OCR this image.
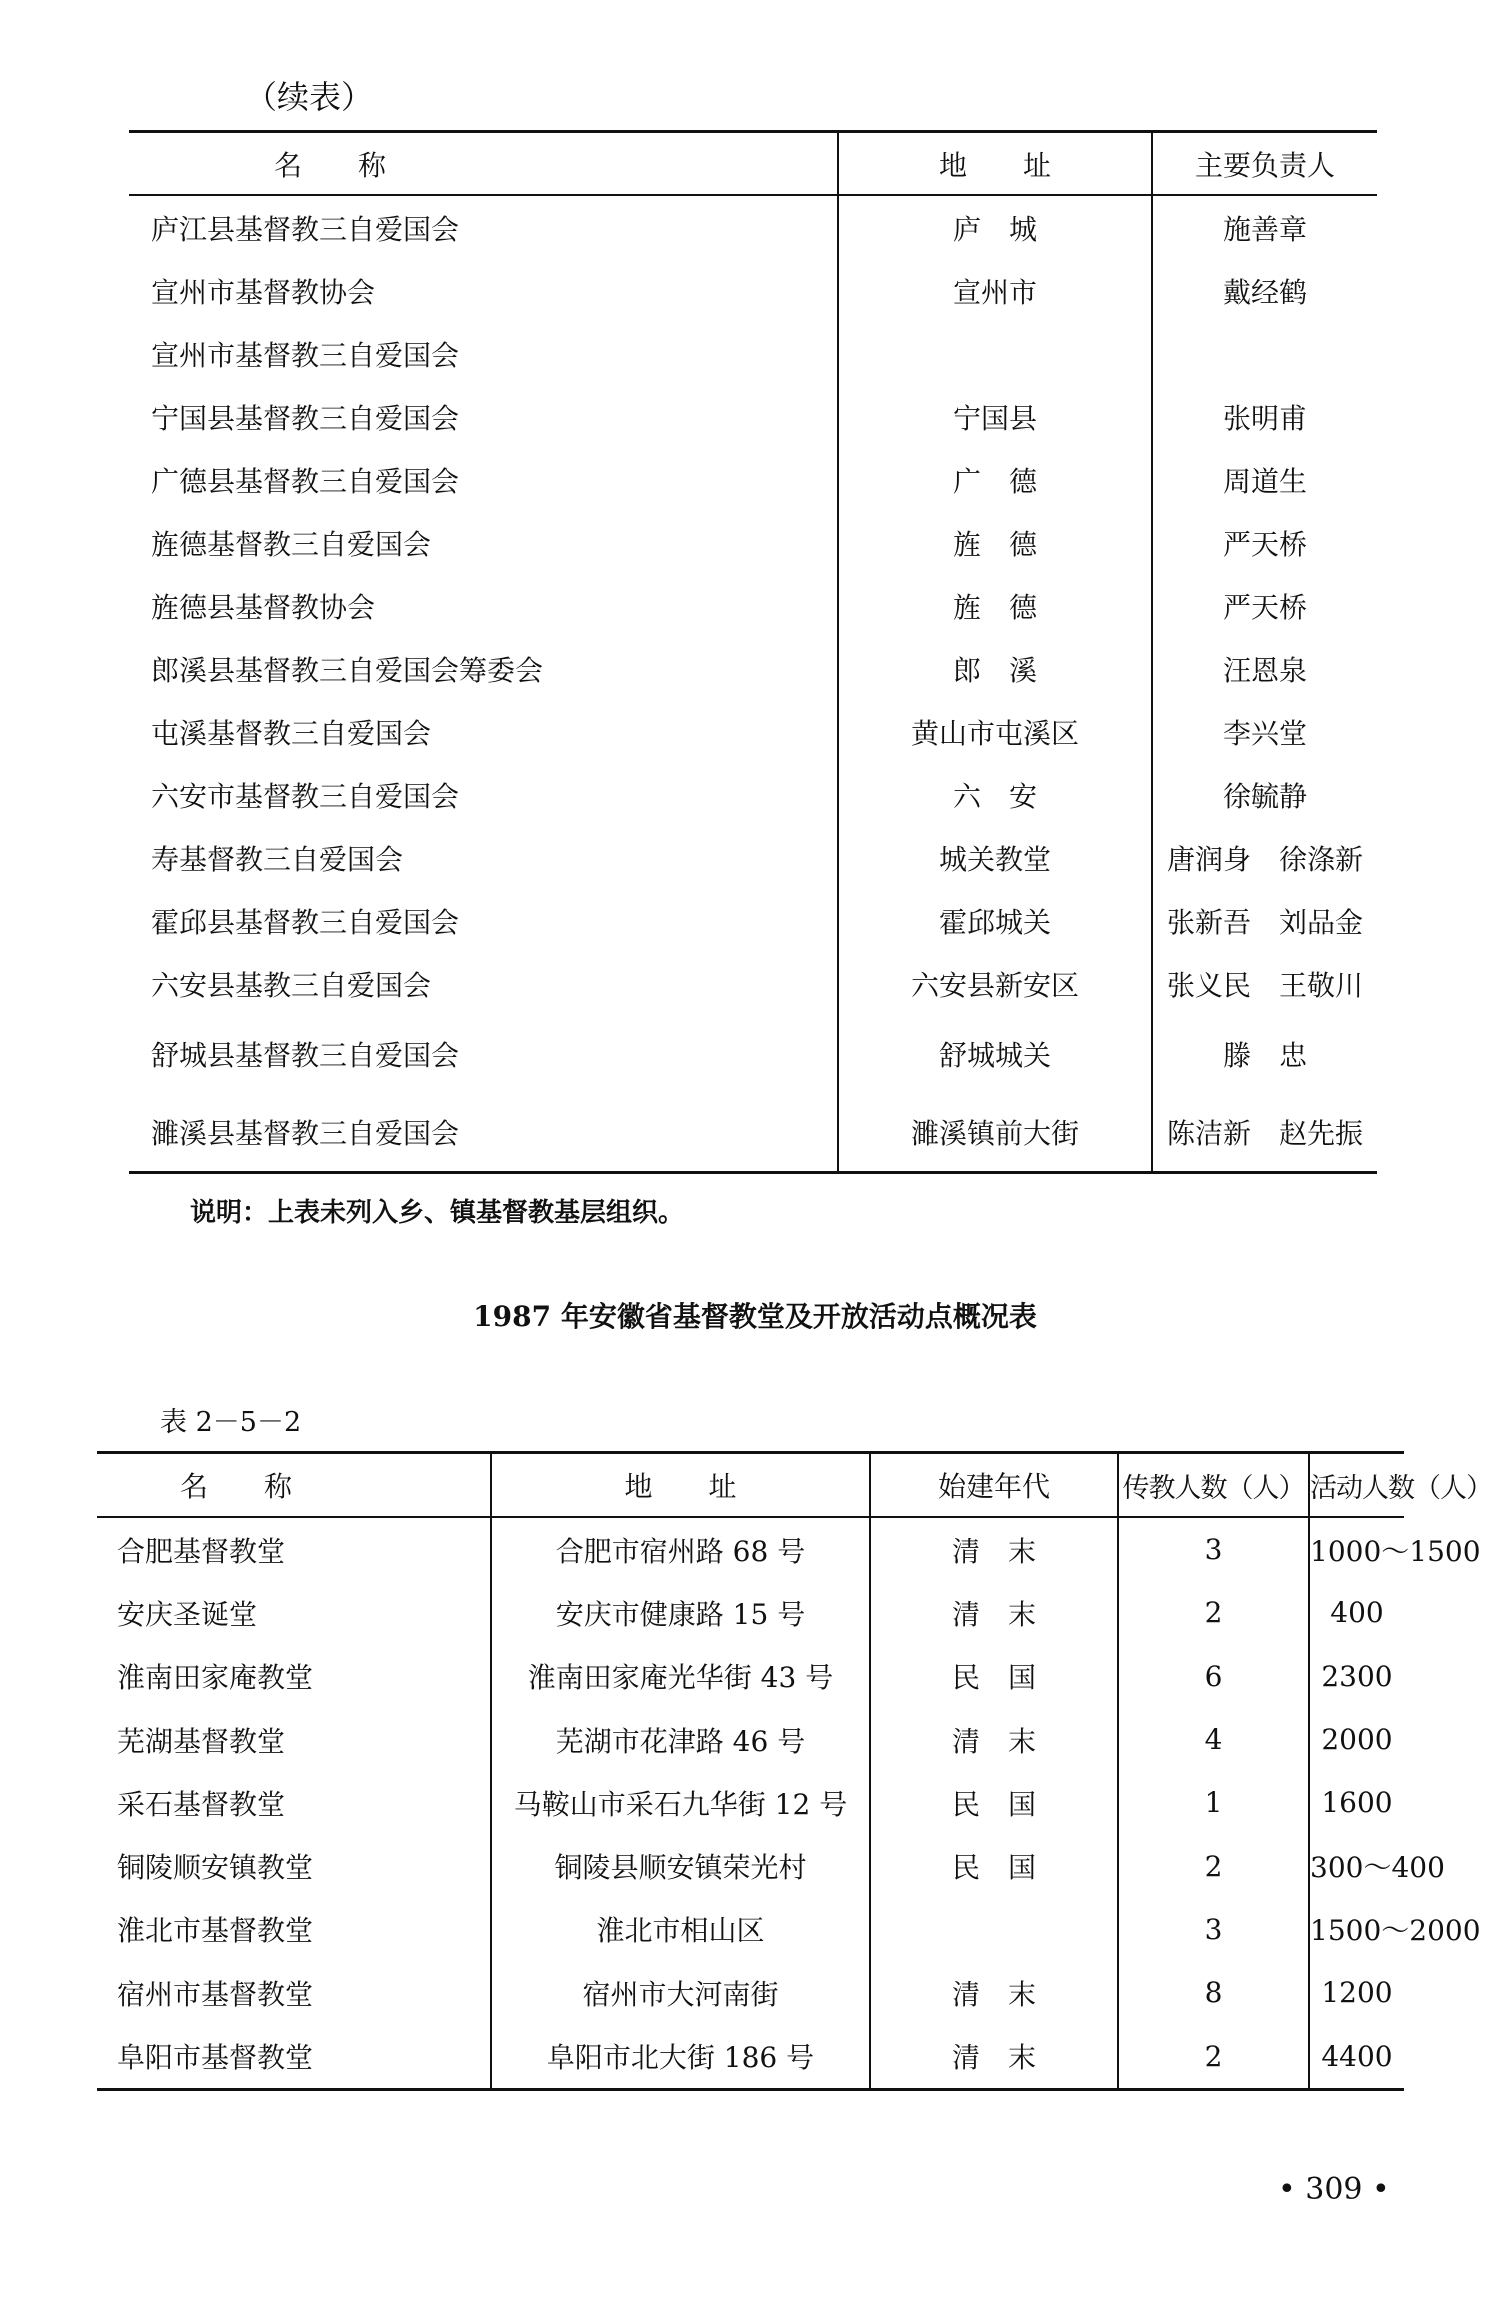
（续表）
名　　称	地　　址	主要负责人
庐江县基督教三自爱国会	庐　城	施善章
宣州市基督教协会	宣州市	戴经鹤
宣州市基督教三自爱国会		
宁国县基督教三自爱国会	宁国县	张明甫
广德县基督教三自爱国会	广　德	周道生
旌德基督教三自爱国会	旌　德	严天桥
旌德县基督教协会	旌　德	严天桥
郎溪县基督教三自爱国会筹委会	郎　溪	汪恩泉
屯溪基督教三自爱国会	黄山市屯溪区	李兴堂
六安市基督教三自爱国会	六　安	徐毓静
寿基督教三自爱国会	城关教堂	唐润身　徐涤新
霍邱县基督教三自爱国会	霍邱城关	张新吾　刘品金
六安县基教三自爱国会	六安县新安区	张义民　王敬川
舒城县基督教三自爱国会	舒城城关	滕　忠
濉溪县基督教三自爱国会	濉溪镇前大街	陈洁新　赵先振
说明：上表未列入乡、镇基督教基层组织。
1987 年安徽省基督教堂及开放活动点概况表
表 2－5－2
名　　称	地　　址	始建年代	传教人数（人）	活动人数（人）
合肥基督教堂	合肥市宿州路 68 号	清　末	3	1000～1500
安庆圣诞堂	安庆市健康路 15 号	清　末	2	400
淮南田家庵教堂	淮南田家庵光华街 43 号	民　国	6	2300
芜湖基督教堂	芜湖市花津路 46 号	清　末	4	2000
采石基督教堂	马鞍山市采石九华街 12 号	民　国	1	1600
铜陵顺安镇教堂	铜陵县顺安镇荣光村	民　国	2	300～400
淮北市基督教堂	淮北市相山区		3	1500～2000
宿州市基督教堂	宿州市大河南街	清　末	8	1200
阜阳市基督教堂	阜阳市北大街 186 号	清　末	2	4400
• 309 •
